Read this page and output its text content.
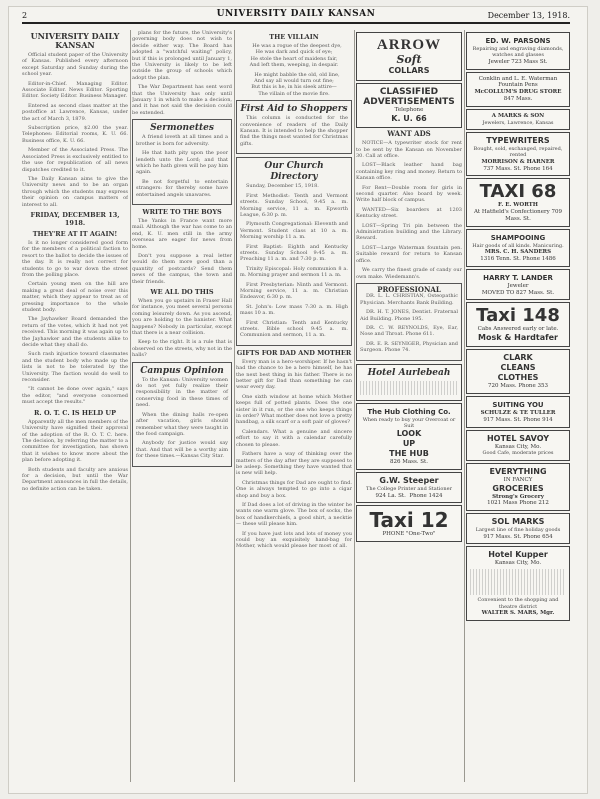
2	UNIVERSITY DAILY KANSAN	December 13, 1918.
UNIVERSITY DAILY KANSAN

Official student paper of the University of Kansas. Published every afternoon except Saturday and Sunday during the school year.

Editor-in-Chief. Managing Editor. Associate Editor. News Editor. Sporting Editor. Society Editor. Business Manager.

Entered as second class matter at the postoffice at Lawrence, Kansas, under the act of March 3, 1879.

Subscription price, $2.00 the year. Telephones: Editorial rooms, K. U. 66. Business office, K. U. 66.

Member of the Associated Press. The Associated Press is exclusively entitled to the use for republication of all news dispatches credited to it.

The Daily Kansan aims to give the University news and to be an organ through which the students may express their opinion on campus matters of interest to all.

FRIDAY, DECEMBER 13, 1918.
THEY'RE AT IT AGAIN!

Is it no longer considered good form for the members of a political faction to resort to the ballot to decide the issues of the day. It is really not correct for students to go to war down the street from the polling place.

Certain young men on the hill are making a great deal of noise over this matter, which they appear to treat as of pressing importance to the whole student body.

The Jayhawker Board demanded the return of the votes, which it had not yet received. This morning it was again up to the Jayhawker and the students alike to decide what they shall do.

Such rash injustice toward classmates and the student body who made up the lists is not to be tolerated by the University. The faction would do well to reconsider.

"It cannot be done over again," says the editor, "and everyone concerned must accept the results."

R. O. T. C. IS HELD UP

Apparently all the men members of the University have signified their approval of the adoption of the R. O. T. C. here. The decision, by referring the matter to a committee for investigation, has shown that it wishes to know more about the plan before adopting it.

Both students and faculty are anxious for a decision, but until the War Department announces in full the details, no definite action can be taken.

plans for the future, the University's governing body does not wish to decide either way. The Board has adopted a "watchful waiting" policy, but if this is prolonged until January 1, the University is likely to be left outside the group of schools which adopt the plan.

The War Department has sent word that the University has only until January 1 in which to make a decision, and it has not said the decision could be extended.

Sermonettes

A friend loveth at all times and a brother is born for adversity.

He that hath pity upon the poor lendeth unto the Lord; and that which he hath given will he pay him again.

Be not forgetful to entertain strangers: for thereby some have entertained angels unawares.

WRITE TO THE BOYS

The Yanks in France want more mail. Although the war has come to an end, K. U. men still in the army overseas are eager for news from home.

Don't you suppose a real letter would do them more good than a quantity of postcards? Send them news of the campus, the town and their friends.

WE ALL DO THIS

When you go upstairs in Fraser Hall for instance, you meet several persons coming leisurely down. As you ascend, you are holding to the banister. What happens? Nobody in particular, except that there is a near collision.

Keep to the right. It is a rule that is observed on the streets, why not in the halls?

Campus Opinion

To the Kansan: University women do not yet fully realize their responsibility in the matter of conserving food in these times of need.

When the dining halls re-open after vacation, girls should remember what they were taught in the food campaign.

Anybody for justice would say that. And that will be a worthy aim for these times.—Kansas City Star.

THE VILLAIN

He was a rogue of the deepest dye,
He was dark and quick of eye;
He stole the heart of maidens fair,
And left them, weeping, in despair.

He might babble the old, old line,
And say all would turn out fine;
But this is he, in his sleek attire—
The villain of the movie fire.

First Aid to Shoppers

This column is conducted for the convenience of readers of the Daily Kansan. It is intended to help the shopper find the things most wanted for Christmas gifts.

Our Church Directory

Sunday, December 15, 1918.

First Methodist: Tenth and Vermont streets. Sunday School, 9:45 a. m. Morning service, 11 a. m. Epworth League, 6:30 p. m.

Plymouth Congregational: Eleventh and Vermont. Student class at 10 a. m. Morning worship 11 a. m.

First Baptist: Eighth and Kentucky streets. Sunday School 9:45 a. m. Preaching 11 a. m. and 7:30 p. m.

Trinity Episcopal: Holy communion 8 a. m. Morning prayer and sermon 11 a. m.

First Presbyterian: Ninth and Vermont. Morning service, 11 a. m. Christian Endeavor, 6:30 p. m.

St. John's: Low mass 7:30 a. m. High mass 10 a. m.

First Christian: Tenth and Kentucky streets. Bible school 9:45 a. m. Communion and sermon, 11 a. m.

GIFTS FOR DAD AND MOTHER

Every man is a hero-worshiper. If he hasn't had the chance to be a hero himself, he has the next best thing in his father. There is no better gift for Dad than something he can wear every day.

One sixth window at home which Mother keeps full of potted plants. Does the one sister in it run, or the one who keeps things in order? What mother does not love a pretty handbag, a silk scarf or a soft pair of gloves?

Calendars. What a genuine and sincere effort to say it with a calendar carefully chosen to please.

Fathers have a way of thinking over the matters of the day after they are supposed to be asleep. Something they have wanted that is new will help.

Christmas things for Dad are ought to find. One is always tempted to go into a cigar shop and buy a box.

If Dad does a lot of driving in the winter he wants one warm glove. The box of socks, the box of handkerchiefs, a good shirt, a necktie — these will please him.

If you have just lots and lots of money you could buy an exquisitely hand-bag for Mother, which would please her most of all.

ARROW
Soft
COLLARS
CLASSIFIED ADVERTISEMENTS
Telephone
K. U. 66
WANT ADS

NOTICE—A typewriter stock for rent to be sent by the Kansan on November 30. Call at office.

LOST—Black leather hand bag containing key ring and money. Return to Kansan office.

For Rent—Double room for girls in second quarter. Also board by week. Write half block of campus.

WANTED—Six boarders at 1203 Kentucky street.

LOST—Spring Tri pin between the Administration building and the Library. Reward.

LOST—Large Waterman fountain pen. Suitable reward for return to Kansan office.

We carry the finest grade of candy our own make. Wiedemann's.

PROFESSIONAL

DR. L. L. CHRISTIAN, Osteopathic Physician. Merchants Bank Building.

DR. H. T. JONES, Dentist. Fraternal Aid Building. Phone 195.

DR. C. W. REYNOLDS, Eye, Ear, Nose and Throat. Phone 611.

DR. E. R. SEYNIGER, Physician and Surgeon. Phone 74.

Hotel Aurlebeah
The Hub Clothing Co.
When ready to buy your Overcoat or Suit
LOOK
UP
THE HUB
826 Mass. St.
G.W. Steeper
The College Printer and Stationer
924 La. St. Phone 1424
Taxi 12
PHONE "One-Two"
ED. W. PARSONS
Repairing and engraving diamonds, watches and glasses
Jeweler 723 Mass St.
Conklin and L. E. Waterman Fountain Pens
McCOLLUM'S DRUG STORE
847 Mass.
A MARKS & SON
Jewelers, Lawrence, Kansas
TYPEWRITERS
Bought, sold, exchanged, repaired, rented
MORRISON & HARNER
737 Mass. St. Phone 164
TAXI 68
F. E. WORTH
At Hatfield's Confectionery 709 Mass. St.
SHAMPOOING
Hair goods of all kinds. Manicuring.
MRS. C. H. SANDERS
1316 Tenn. St. Phone 1486
HARRY T. LANDER
Jeweler
MOVED TO 827 Mass. St.
Taxi 148
Cabs Answered early or late.
Mosk & Hardtafer
CLARK
CLEANS
CLOTHES
720 Mass. Phone 353
SUITING YOU
SCHULZE & TE TULLER
917 Mass. St. Phone 914
HOTEL SAVOY
Kansas City, Mo.
Good Cafe, moderate prices
EVERYTHING
IN FANCY
GROCERIES
Strong's Grocery
1021 Mass Phone 212
SOL MARKS
Largest line of fine holiday goods
917 Mass. St. Phone 654
Hotel Kupper
Kansas City, Mo.
Convenient to the shopping and theatre district
WALTER S. MARS, Mgr.
